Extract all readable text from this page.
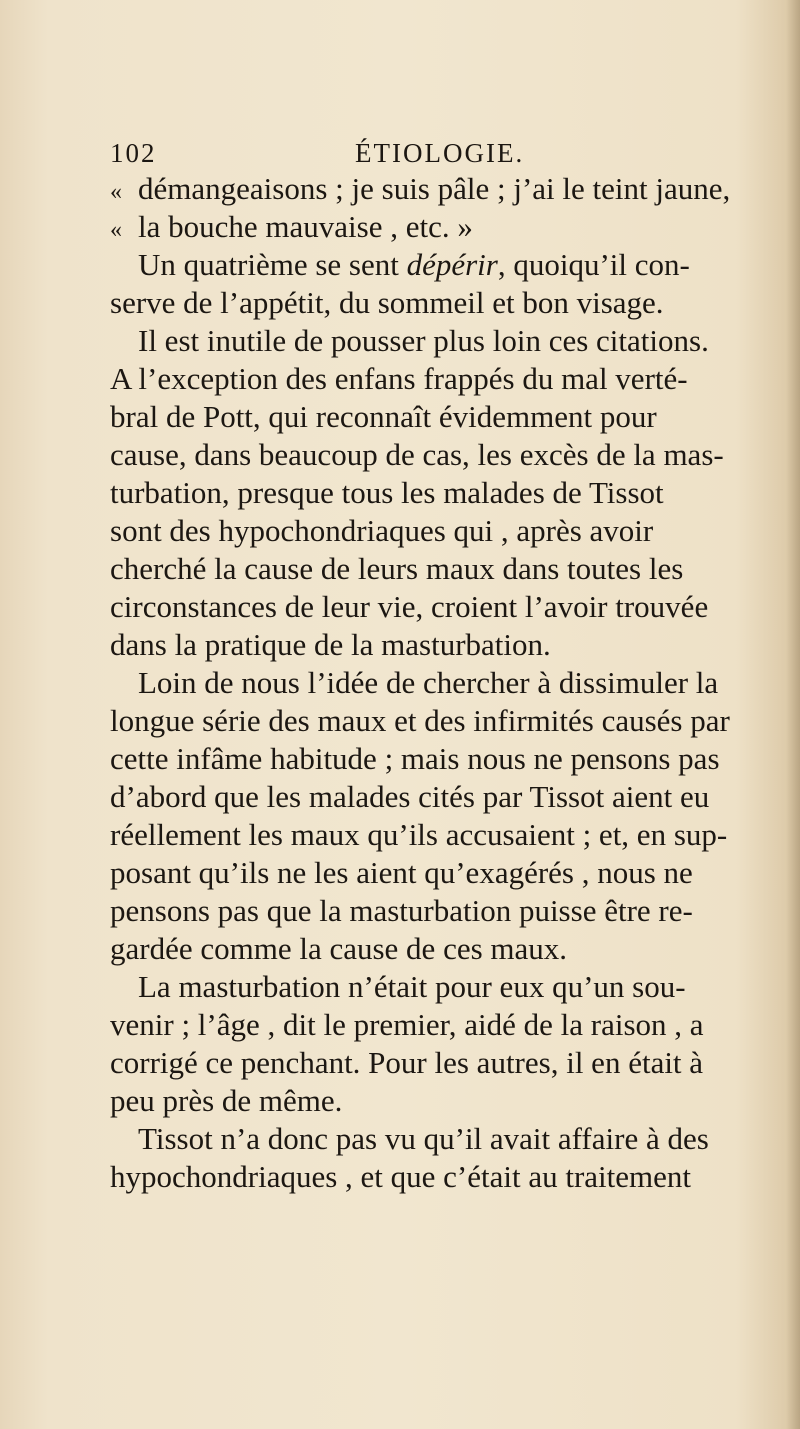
102	ÉTIOLOGIE.
« démangeaisons ; je suis pâle ; j’ai le teint jaune,
« la bouche mauvaise , etc. »
Un quatrième se sent dépérir, quoiqu’il con-
serve de l’appétit, du sommeil et bon visage.
Il est inutile de pousser plus loin ces citations.
A l’exception des enfans frappés du mal verté-
bral de Pott, qui reconnaît évidemment pour
cause, dans beaucoup de cas, les excès de la mas-
turbation, presque tous les malades de Tissot
sont des hypochondriaques qui , après avoir
cherché la cause de leurs maux dans toutes les
circonstances de leur vie, croient l’avoir trouvée
dans la pratique de la masturbation.
Loin de nous l’idée de chercher à dissimuler la
longue série des maux et des infirmités causés par
cette infâme habitude ; mais nous ne pensons pas
d’abord que les malades cités par Tissot aient eu
réellement les maux qu’ils accusaient ; et, en sup-
posant qu’ils ne les aient qu’exagérés , nous ne
pensons pas que la masturbation puisse être re-
gardée comme la cause de ces maux.
La masturbation n’était pour eux qu’un sou-
venir ; l’âge , dit le premier, aidé de la raison , a
corrigé ce penchant. Pour les autres, il en était à
peu près de même.
Tissot n’a donc pas vu qu’il avait affaire à des
hypochondriaques , et que c’était au traitement
